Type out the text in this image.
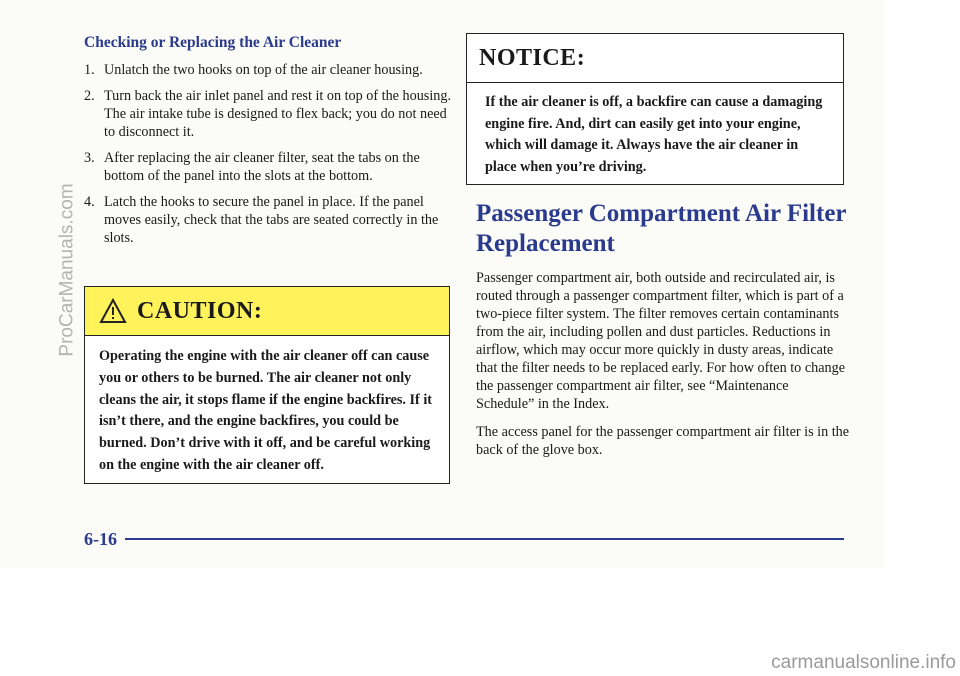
Checking or Replacing the Air Cleaner
1. Unlatch the two hooks on top of the air cleaner housing.
2. Turn back the air inlet panel and rest it on top of the housing. The air intake tube is designed to flex back; you do not need to disconnect it.
3. After replacing the air cleaner filter, seat the tabs on the bottom of the panel into the slots at the bottom.
4. Latch the hooks to secure the panel in place. If the panel moves easily, check that the tabs are seated correctly in the slots.
CAUTION:
Operating the engine with the air cleaner off can cause you or others to be burned. The air cleaner not only cleans the air, it stops flame if the engine backfires. If it isn’t there, and the engine backfires, you could be burned. Don’t drive with it off, and be careful working on the engine with the air cleaner off.
NOTICE:
If the air cleaner is off, a backfire can cause a damaging engine fire. And, dirt can easily get into your engine, which will damage it. Always have the air cleaner in place when you’re driving.
Passenger Compartment Air Filter Replacement

Passenger compartment air, both outside and recirculated air, is routed through a passenger compartment filter, which is part of a two-piece filter system. The filter removes certain contaminants from the air, including pollen and dust particles. Reductions in airflow, which may occur more quickly in dusty areas, indicate that the filter needs to be replaced early. For how often to change the passenger compartment air filter, see “Maintenance Schedule” in the Index.

The access panel for the passenger compartment air filter is in the back of the glove box.

6-16
ProCarManuals.com
carmanualsonline.info
